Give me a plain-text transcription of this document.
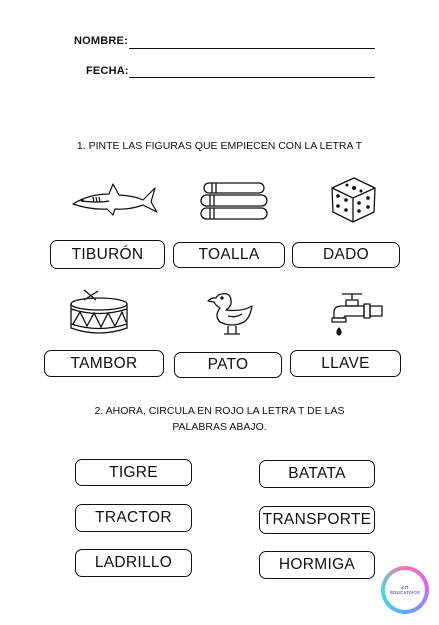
NOMBRE:
FECHA:
1. PINTE LAS FIGURAS QUE EMPIECEN CON LA LETRA T
TIBURÓN	TOALLA	DADO
TAMBOR	PATO	LLAVE
2. AHORA, CIRCULA EN ROJO LA LETRA T DE LAS
PALABRAS ABAJO.
TIGRE	BATATA
TRACTOR	TRANSPORTE
LADRILLO	HORMIGA
KIT
EDUCATIVOS
